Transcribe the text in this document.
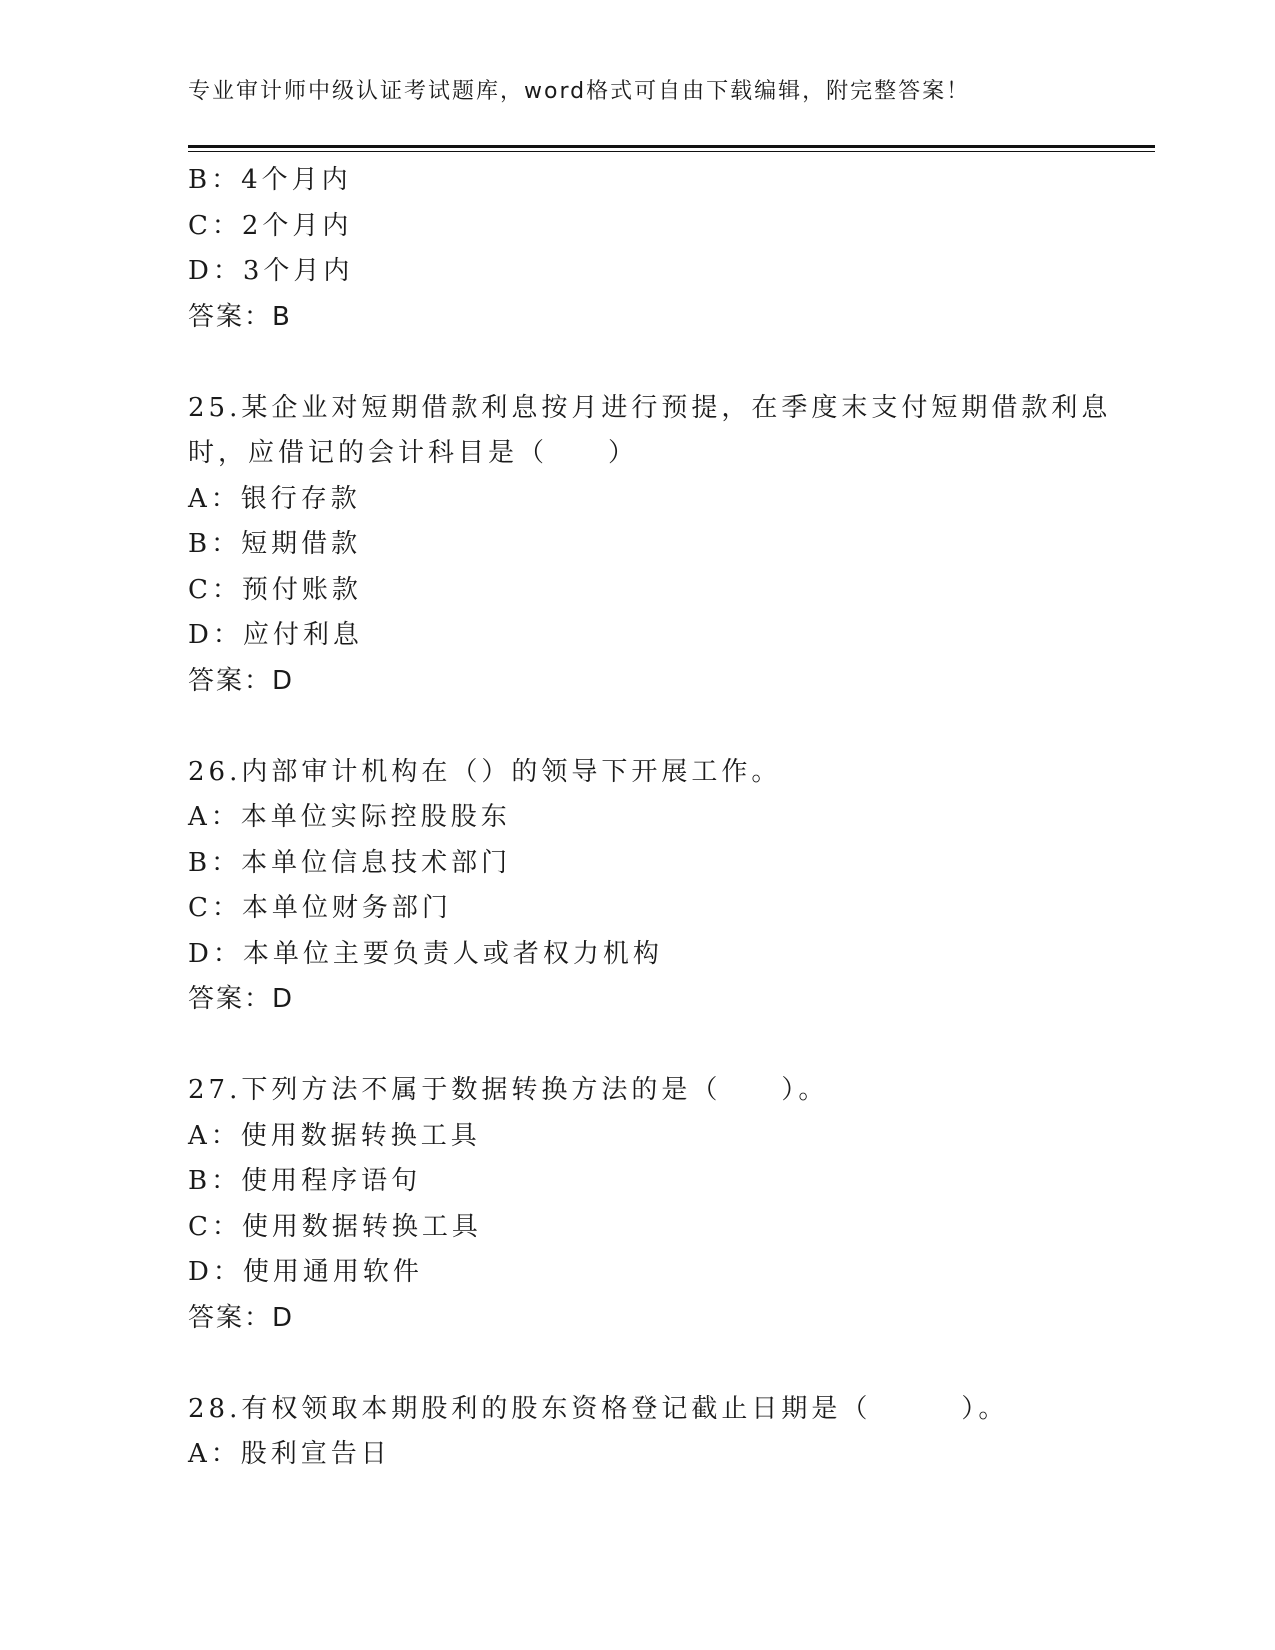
专业审计师中级认证考试题库，word格式可自由下载编辑，附完整答案！
B：4个月内
C：2个月内
D：3个月内
答案：B
25.某企业对短期借款利息按月进行预提，在季度末支付短期借款利息
时，应借记的会计科目是（　　）
A：银行存款
B：短期借款
C：预付账款
D：应付利息
答案：D
26.内部审计机构在（）的领导下开展工作。
A：本单位实际控股股东
B：本单位信息技术部门
C：本单位财务部门
D：本单位主要负责人或者权力机构
答案：D
27.下列方法不属于数据转换方法的是（　　）。
A：使用数据转换工具
B：使用程序语句
C：使用数据转换工具
D：使用通用软件
答案：D
28.有权领取本期股利的股东资格登记截止日期是（　　　）。
A：股利宣告日
